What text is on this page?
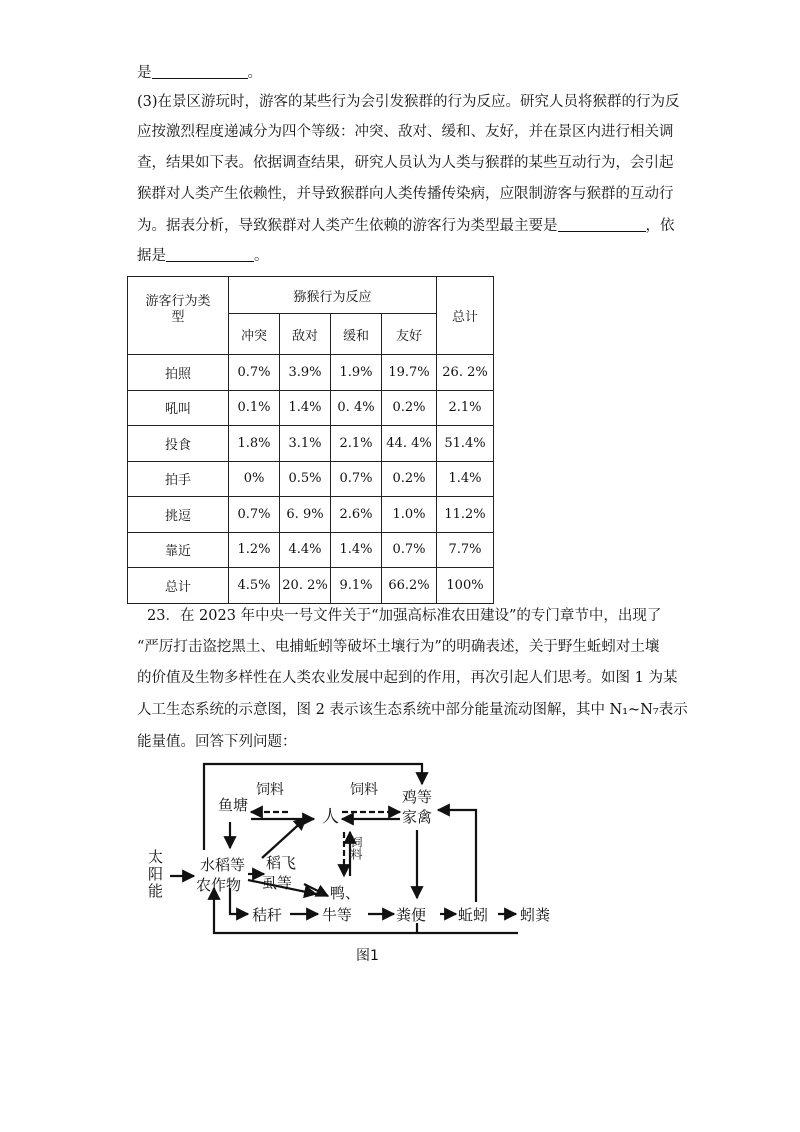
是	。
(3)在景区游玩时，游客的某些行为会引发猴群的行为反应。研究人员将猴群的行为反
应按激烈程度递减分为四个等级：冲突、敌对、缓和、友好，并在景区内进行相关调
查，结果如下表。依据调查结果，研究人员认为人类与猴群的某些互动行为，会引起
猴群对人类产生依赖性，并导致猴群向人类传播传染病，应限制游客与猴群的互动行
为。据表分析，导致猴群对人类产生依赖的游客行为类型最主要是	，依
据是	。
游客行为类
型	猕猴行为反应				总计
	冲突	敌对	缓和	友好	
拍照	0.7%	3.9%	1.9%	19.7%	26. 2%
吼叫	0.1%	1.4%	0. 4%	0.2%	2.1%
投食	1.8%	3.1%	2.1%	44. 4%	51.4%
拍手	0%	0.5%	0.7%	0.2%	1.4%
挑逗	0.7%	6. 9%	2.6%	1.0%	11.2%
靠近	1.2%	4.4%	1.4%	0.7%	7.7%
总计	4.5%	20. 2%	9.1%	66.2%	100%
23．在 2023 年中央一号文件关于“加强高标准农田建设”的专门章节中，出现了
“严厉打击盗挖黑土、电捕蚯蚓等破坏土壤行为”的明确表述，关于野生蚯蚓对土壤
的价值及生物多样性在人类农业发展中起到的作用，再次引起人们思考。如图 1 为某
人工生态系统的示意图，图 2 表示该生态系统中部分能量流动图解，其中 N₁~N₇表示
能量值。回答下列问题：
太
阳
能
鱼塘
人
鸡等
家禽
水稻等
农作物
稻飞
虱等
鸭、
牛等
秸秆	粪便 蚯蚓 蚓粪
饲料	饲料
饲料
图1
